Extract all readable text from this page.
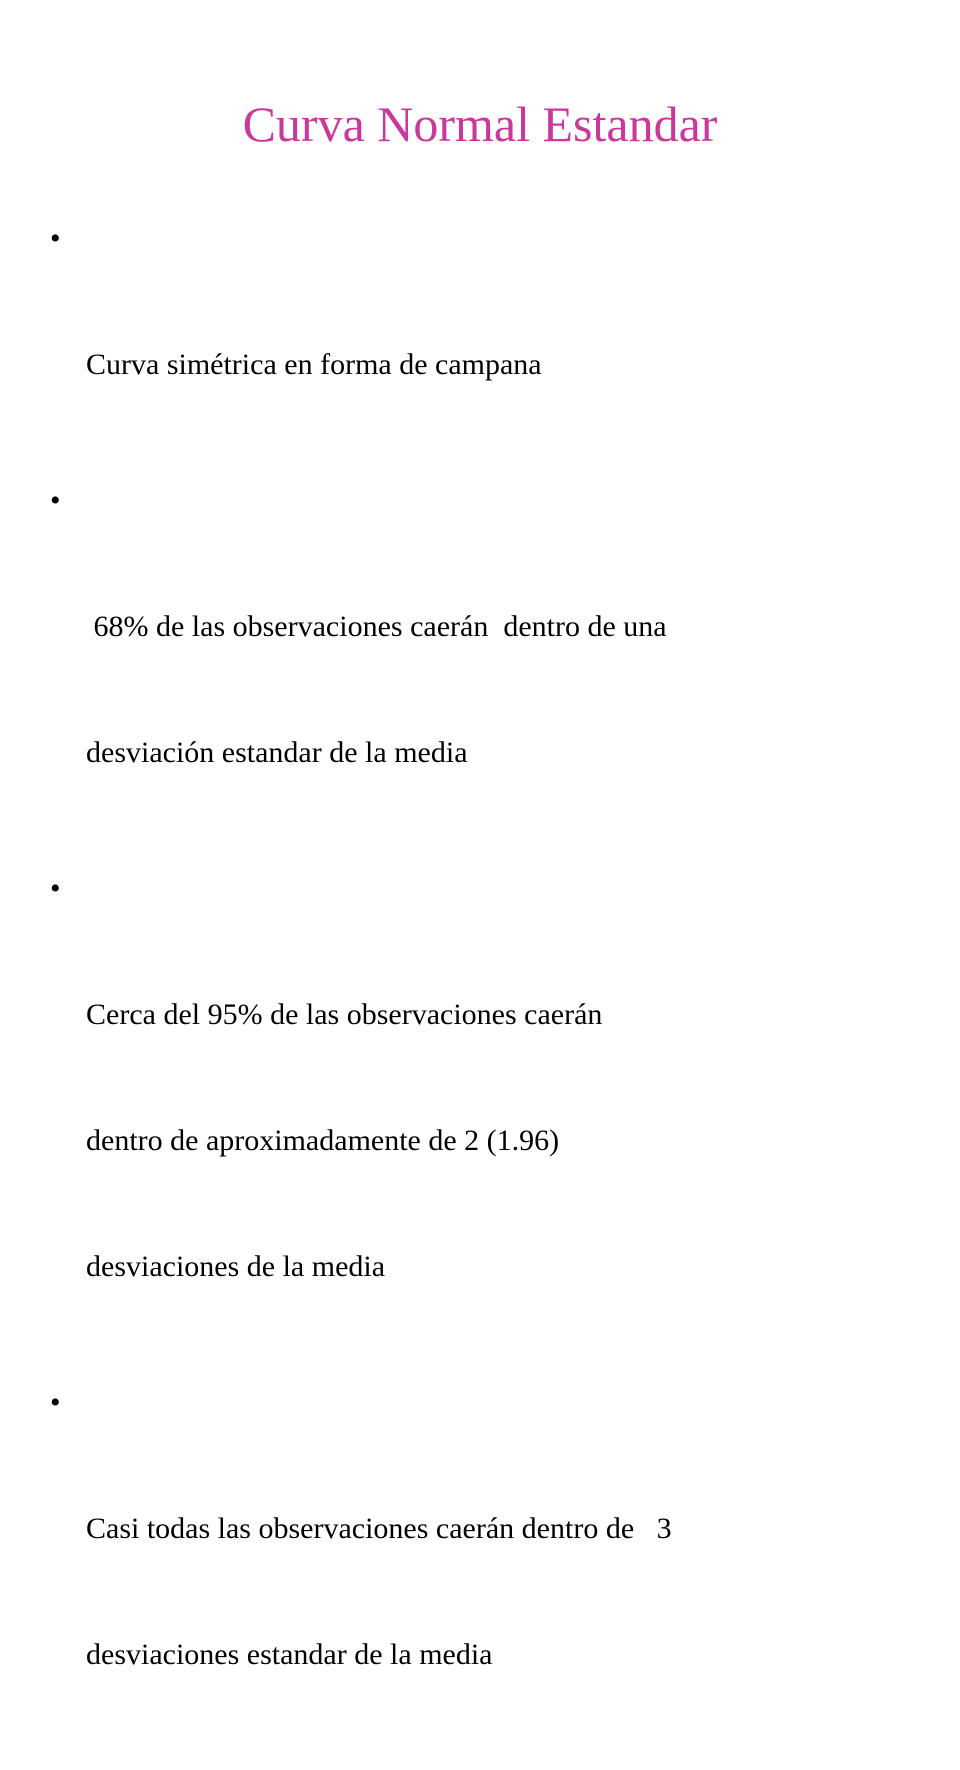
Curva Normal Estandar

•

Curva simétrica en forma de campana

•

68% de las observaciones caerán  dentro de una

desviación estandar de la media

•

Cerca del 95% de las observaciones caerán

dentro de aproximadamente de 2 (1.96)

desviaciones de la media

•

Casi todas las observaciones caerán dentro de   3

desviaciones estandar de la media
